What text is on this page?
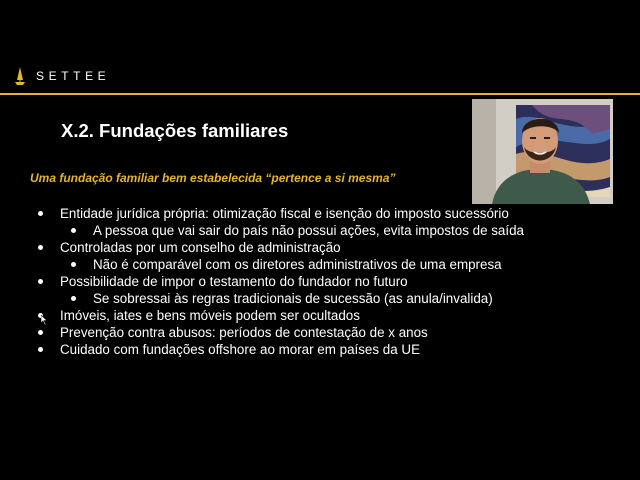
SETTEE
X.2. Fundações familiares
Uma fundação familiar bem estabelecida “pertence a si mesma”
Entidade jurídica própria: otimização fiscal e isenção do imposto sucessório
A pessoa que vai sair do país não possui ações, evita impostos de saída
Controladas por um conselho de administração
Não é comparável com os diretores administrativos de uma empresa
Possibilidade de impor o testamento do fundador no futuro
Se sobressai às regras tradicionais de sucessão (as anula/invalida)
Imóveis, iates e bens móveis podem ser ocultados
Prevenção contra abusos: períodos de contestação de x anos
Cuidado com fundações offshore ao morar em países da UE
